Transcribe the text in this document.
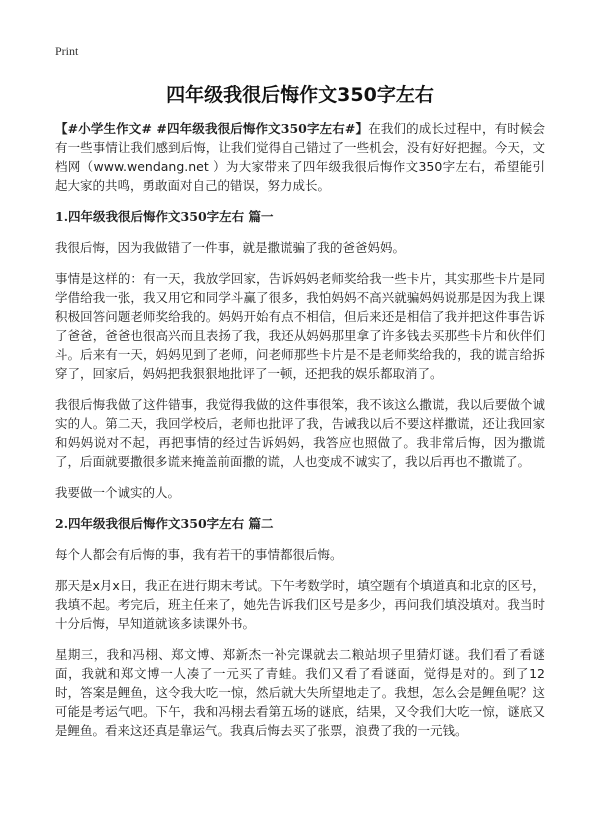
Print
四年级我很后悔作文350字左右

【#小学生作文# #四年级我很后悔作文350字左右#】在我们的成长过程中，有时候会有一些事情让我们感到后悔，让我们觉得自己错过了一些机会，没有好好把握。今天，文档网（www.wendang.net ）为大家带来了四年级我很后悔作文350字左右，希望能引起大家的共鸣，勇敢面对自己的错误，努力成长。

1.四年级我很后悔作文350字左右 篇一

我很后悔，因为我做错了一件事，就是撒谎骗了我的爸爸妈妈。

事情是这样的：有一天，我放学回家，告诉妈妈老师奖给我一些卡片，其实那些卡片是同学借给我一张，我又用它和同学斗赢了很多，我怕妈妈不高兴就骗妈妈说那是因为我上课积极回答问题老师奖给我的。妈妈开始有点不相信，但后来还是相信了我并把这件事告诉了爸爸，爸爸也很高兴而且表扬了我，我还从妈妈那里拿了许多钱去买那些卡片和伙伴们斗。后来有一天，妈妈见到了老师，问老师那些卡片是不是老师奖给我的，我的谎言给拆穿了，回家后，妈妈把我狠狠地批评了一顿，还把我的娱乐都取消了。

我很后悔我做了这件错事，我觉得我做的这件事很笨，我不该这么撒谎，我以后要做个诚实的人。第二天，我回学校后，老师也批评了我，告诫我以后不要这样撒谎，还让我回家和妈妈说对不起，再把事情的经过告诉妈妈，我答应也照做了。我非常后悔，因为撒谎了，后面就要撒很多谎来掩盖前面撒的谎，人也变成不诚实了，我以后再也不撒谎了。

我要做一个诚实的人。

2.四年级我很后悔作文350字左右 篇二

每个人都会有后悔的事，我有若干的事情都很后悔。

那天是x月x日，我正在进行期末考试。下午考数学时，填空题有个填道真和北京的区号，我填不起。考完后，班主任来了，她先告诉我们区号是多少，再问我们填没填对。我当时十分后悔，早知道就该多读课外书。

星期三，我和冯栩、郑文博、郑新杰一补完课就去二粮站坝子里猜灯谜。我们看了看谜面，我就和郑文博一人凑了一元买了青蛙。我们又看了看谜面，觉得是对的。到了12时，答案是鲤鱼，这令我大吃一惊，然后就大失所望地走了。我想，怎么会是鲤鱼呢？这可能是考运气吧。下午，我和冯栩去看第五场的谜底，结果，又令我们大吃一惊，谜底又是鲤鱼。看来这还真是靠运气。我真后悔去买了张票，浪费了我的一元钱。
